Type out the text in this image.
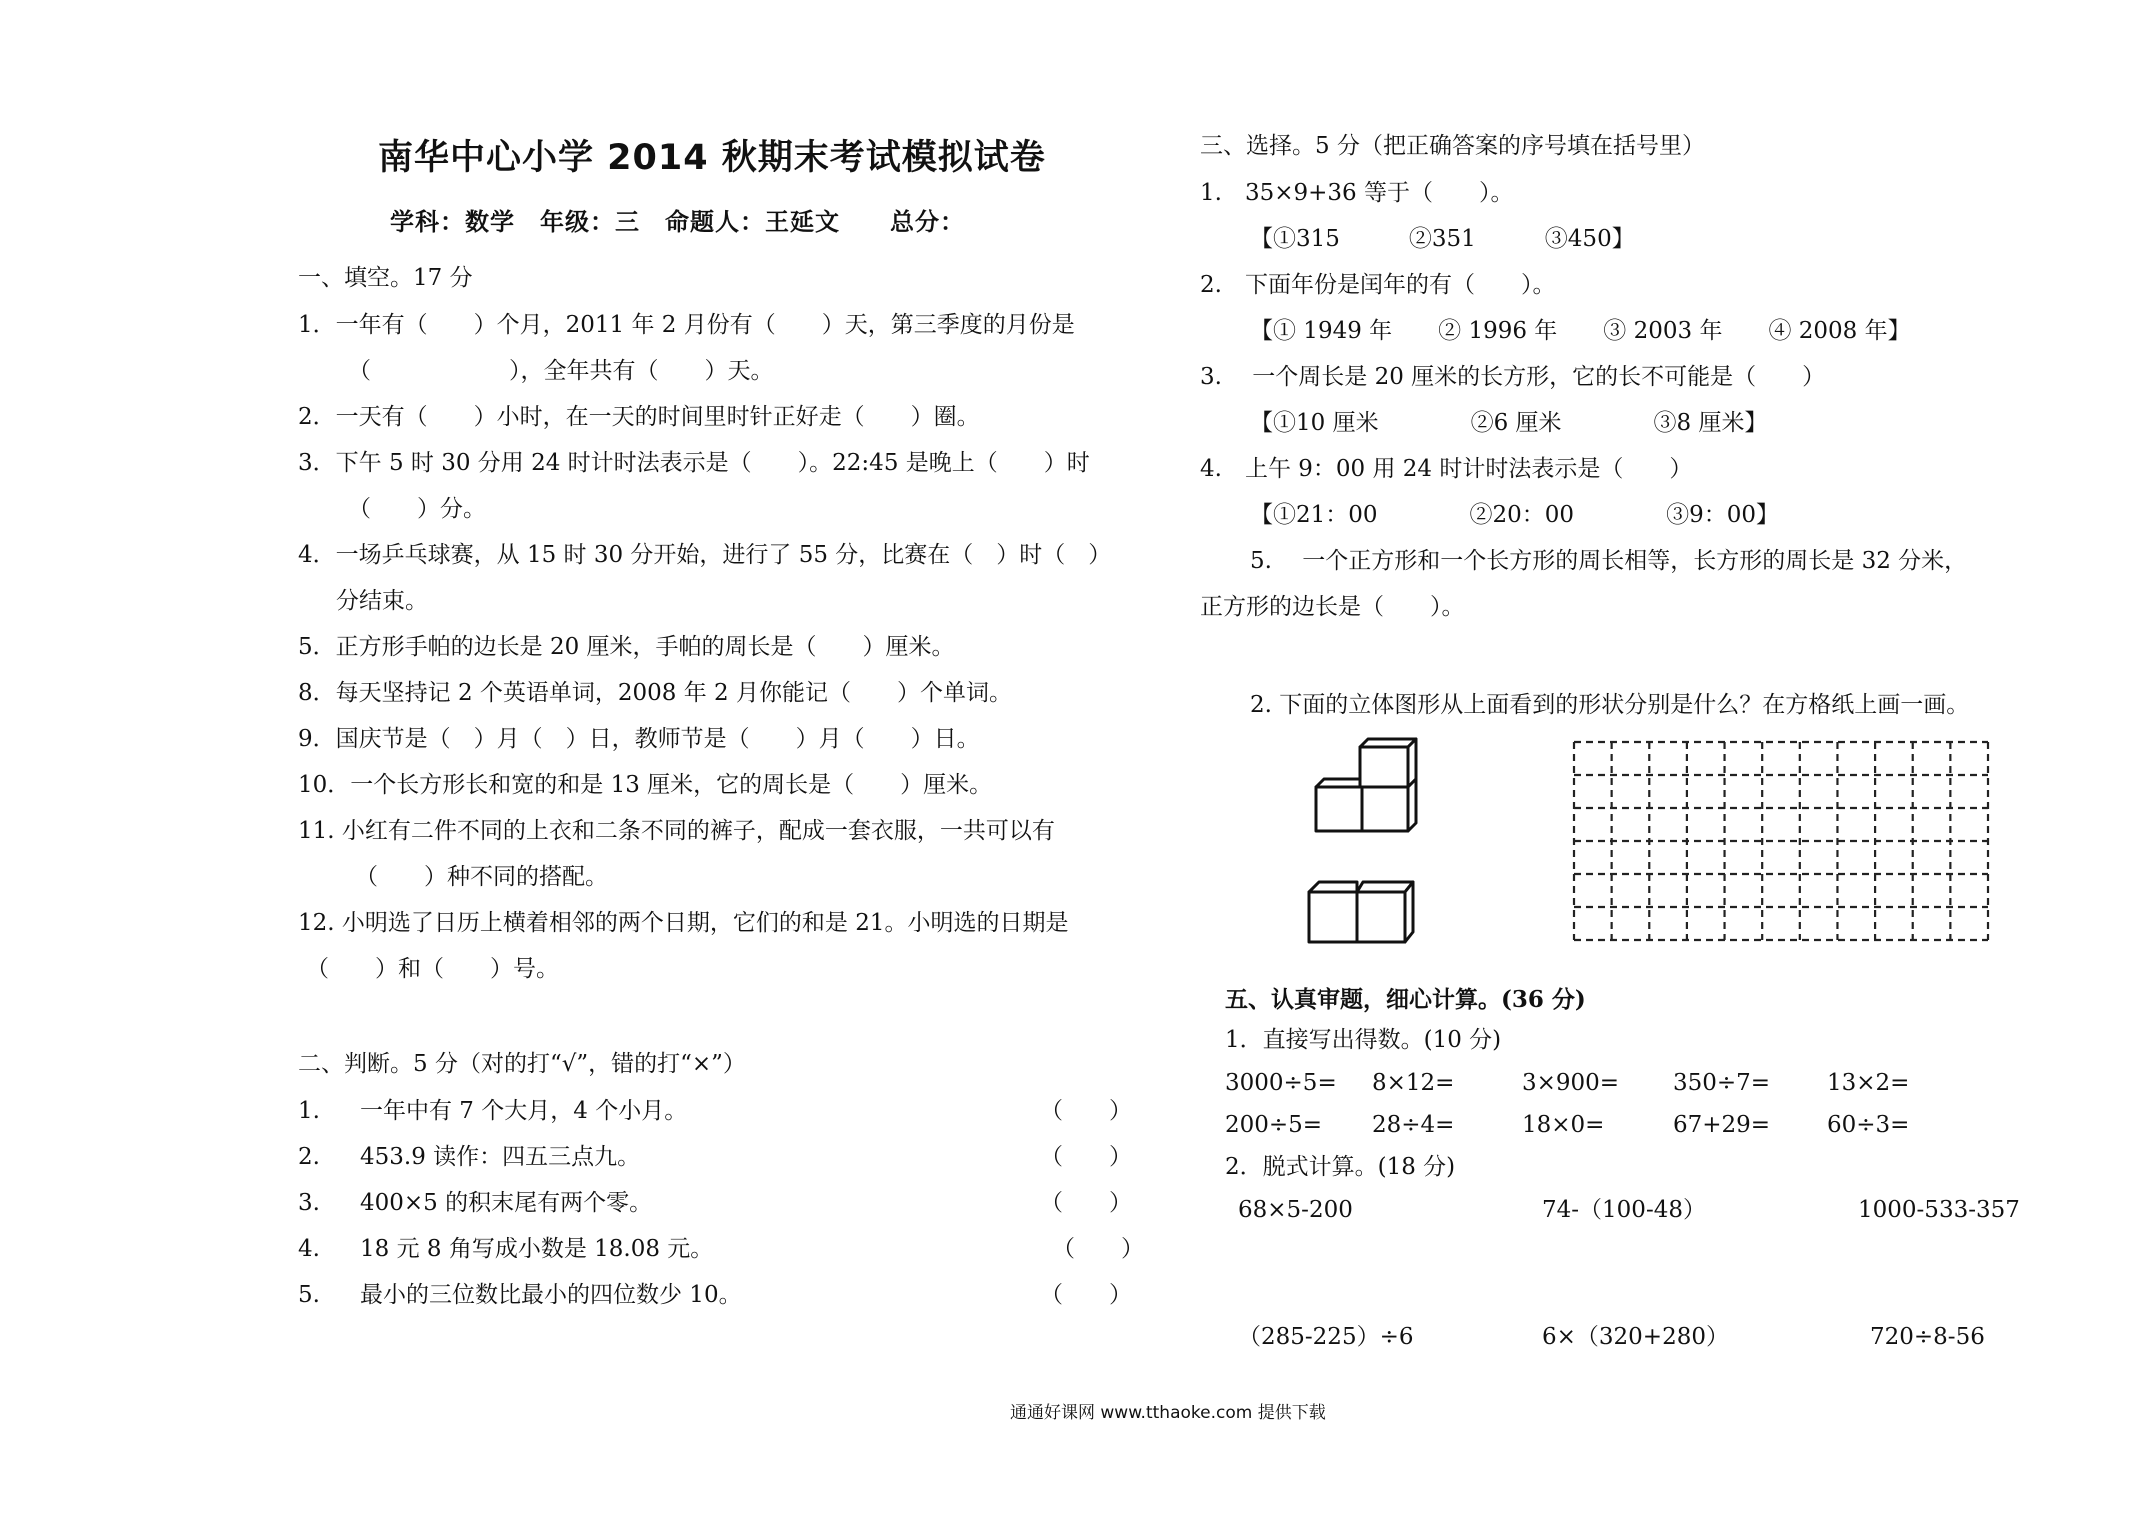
南华中心小学 2014 秋期末考试模拟试卷
学科：数学　年级：三　命题人：王延文　　总分：
一、填空。17 分
1．一年有（　　）个月，2011 年 2 月份有（　　）天，第三季度的月份是
（　　　　　　），全年共有（　　）天。
2．一天有（　　）小时，在一天的时间里时针正好走（　　）圈。
3．下午 5 时 30 分用 24 时计时法表示是（　　）。22:45 是晚上（　　）时
（　　）分。
4．一场乒乓球赛，从 15 时 30 分开始，进行了 55 分，比赛在（　）时（　）
分结束。
5．正方形手帕的边长是 20 厘米，手帕的周长是（　　）厘米。
8．每天坚持记 2 个英语单词，2008 年 2 月你能记（　　）个单词。
9．国庆节是（　）月（　）日，教师节是（　　）月（　　）日。
10．一个长方形长和宽的和是 13 厘米，它的周长是（　　）厘米。
11. 小红有二件不同的上衣和二条不同的裤子，配成一套衣服，一共可以有
（　　）种不同的搭配。
12. 小明选了日历上横着相邻的两个日期，它们的和是 21。小明选的日期是
（　　）和（　　）号。
二、判断。5 分（对的打“√”，错的打“×”）
1. 一年中有 7 个大月，4 个小月。	（　　）
2. 453.9 读作：四五三点九。	（　　）
3. 400×5 的积末尾有两个零。	（　　）
4. 18 元 8 角写成小数是 18.08 元。	（　　）
5. 最小的三位数比最小的四位数少 10。	（　　）
三、选择。5 分（把正确答案的序号填在括号里）
1.　35×9+36 等于（　　）。
【①315　　　②351　　　③450】
2.　下面年份是闰年的有（　　）。
【① 1949 年　　② 1996 年　　③ 2003 年　　④ 2008 年】
3.　 一个周长是 20 厘米的长方形，它的长不可能是（　　）
【①10 厘米　　　　②6 厘米　　　　③8 厘米】
4.　上午 9：00 用 24 时计时法表示是（　　）
【①21：00　　　　②20：00　　　　③9：00】
5.　 一个正方形和一个长方形的周长相等，长方形的周长是 32 分米，
正方形的边长是（　　）。
2. 下面的立体图形从上面看到的形状分别是什么？在方格纸上画一画。
五、认真审题，细心计算。(36 分)
1．直接写出得数。(10 分)
3000÷5= 8×12=	3×900= 350÷7= 13×2=
200÷5= 28÷4=	18×0=	67+29= 60÷3=
2．脱式计算。(18 分)
68×5-200	74-（100-48）	1000-533-357
（285-225）÷6	6×（320+280）	720÷8-56
通通好课网 www.tthaoke.com 提供下载
